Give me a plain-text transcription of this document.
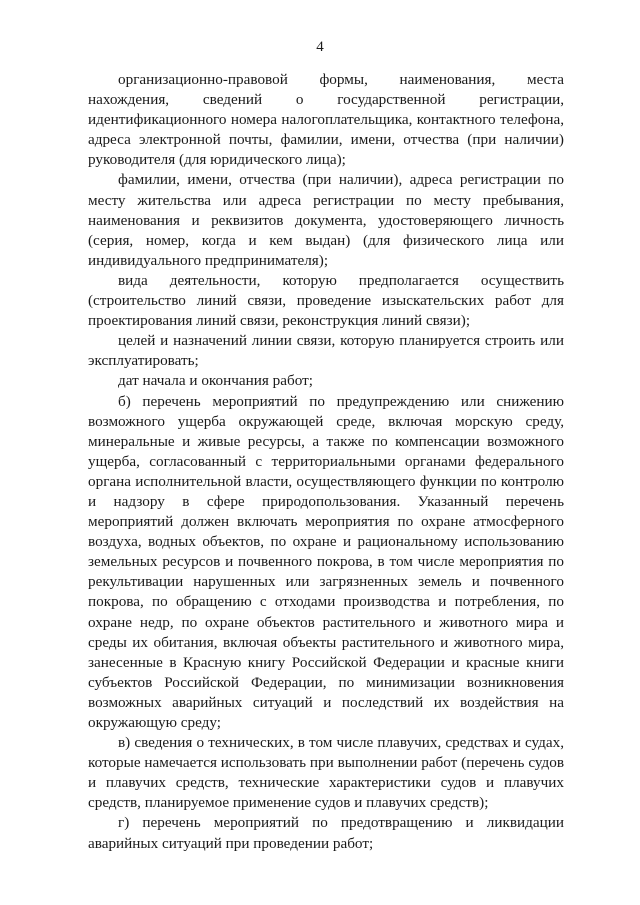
4

организационно-правовой формы, наименования, места нахождения, сведений о государственной регистрации, идентификационного номера налогоплательщика, контактного телефона, адреса электронной почты, фамилии, имени, отчества (при наличии) руководителя (для юридического лица);

фамилии, имени, отчества (при наличии), адреса регистрации по месту жительства или адреса регистрации по месту пребывания, наименования и реквизитов документа, удостоверяющего личность (серия, номер, когда и кем выдан) (для физического лица или индивидуального предпринимателя);

вида деятельности, которую предполагается осуществить (строительство линий связи, проведение изыскательских работ для проектирования линий связи, реконструкция линий связи);

целей и назначений линии связи, которую планируется строить или эксплуатировать;

дат начала и окончания работ;

б) перечень мероприятий по предупреждению или снижению возможного ущерба окружающей среде, включая морскую среду, минеральные и живые ресурсы, а также по компенсации возможного ущерба, согласованный с территориальными органами федерального органа исполнительной власти, осуществляющего функции по контролю и надзору в сфере природопользования. Указанный перечень мероприятий должен включать мероприятия по охране атмосферного воздуха, водных объектов, по охране и рациональному использованию земельных ресурсов и почвенного покрова, в том числе мероприятия по рекультивации нарушенных или загрязненных земель и почвенного покрова, по обращению с отходами производства и потребления, по охране недр, по охране объектов растительного и животного мира и среды их обитания, включая объекты растительного и животного мира, занесенные в Красную книгу Российской Федерации и красные книги субъектов Российской Федерации, по минимизации возникновения возможных аварийных ситуаций и последствий их воздействия на окружающую среду;

в) сведения о технических, в том числе плавучих, средствах и судах, которые намечается использовать при выполнении работ (перечень судов и плавучих средств, технические характеристики судов и плавучих средств, планируемое применение судов и плавучих средств);

г) перечень мероприятий по предотвращению и ликвидации аварийных ситуаций при проведении работ;
